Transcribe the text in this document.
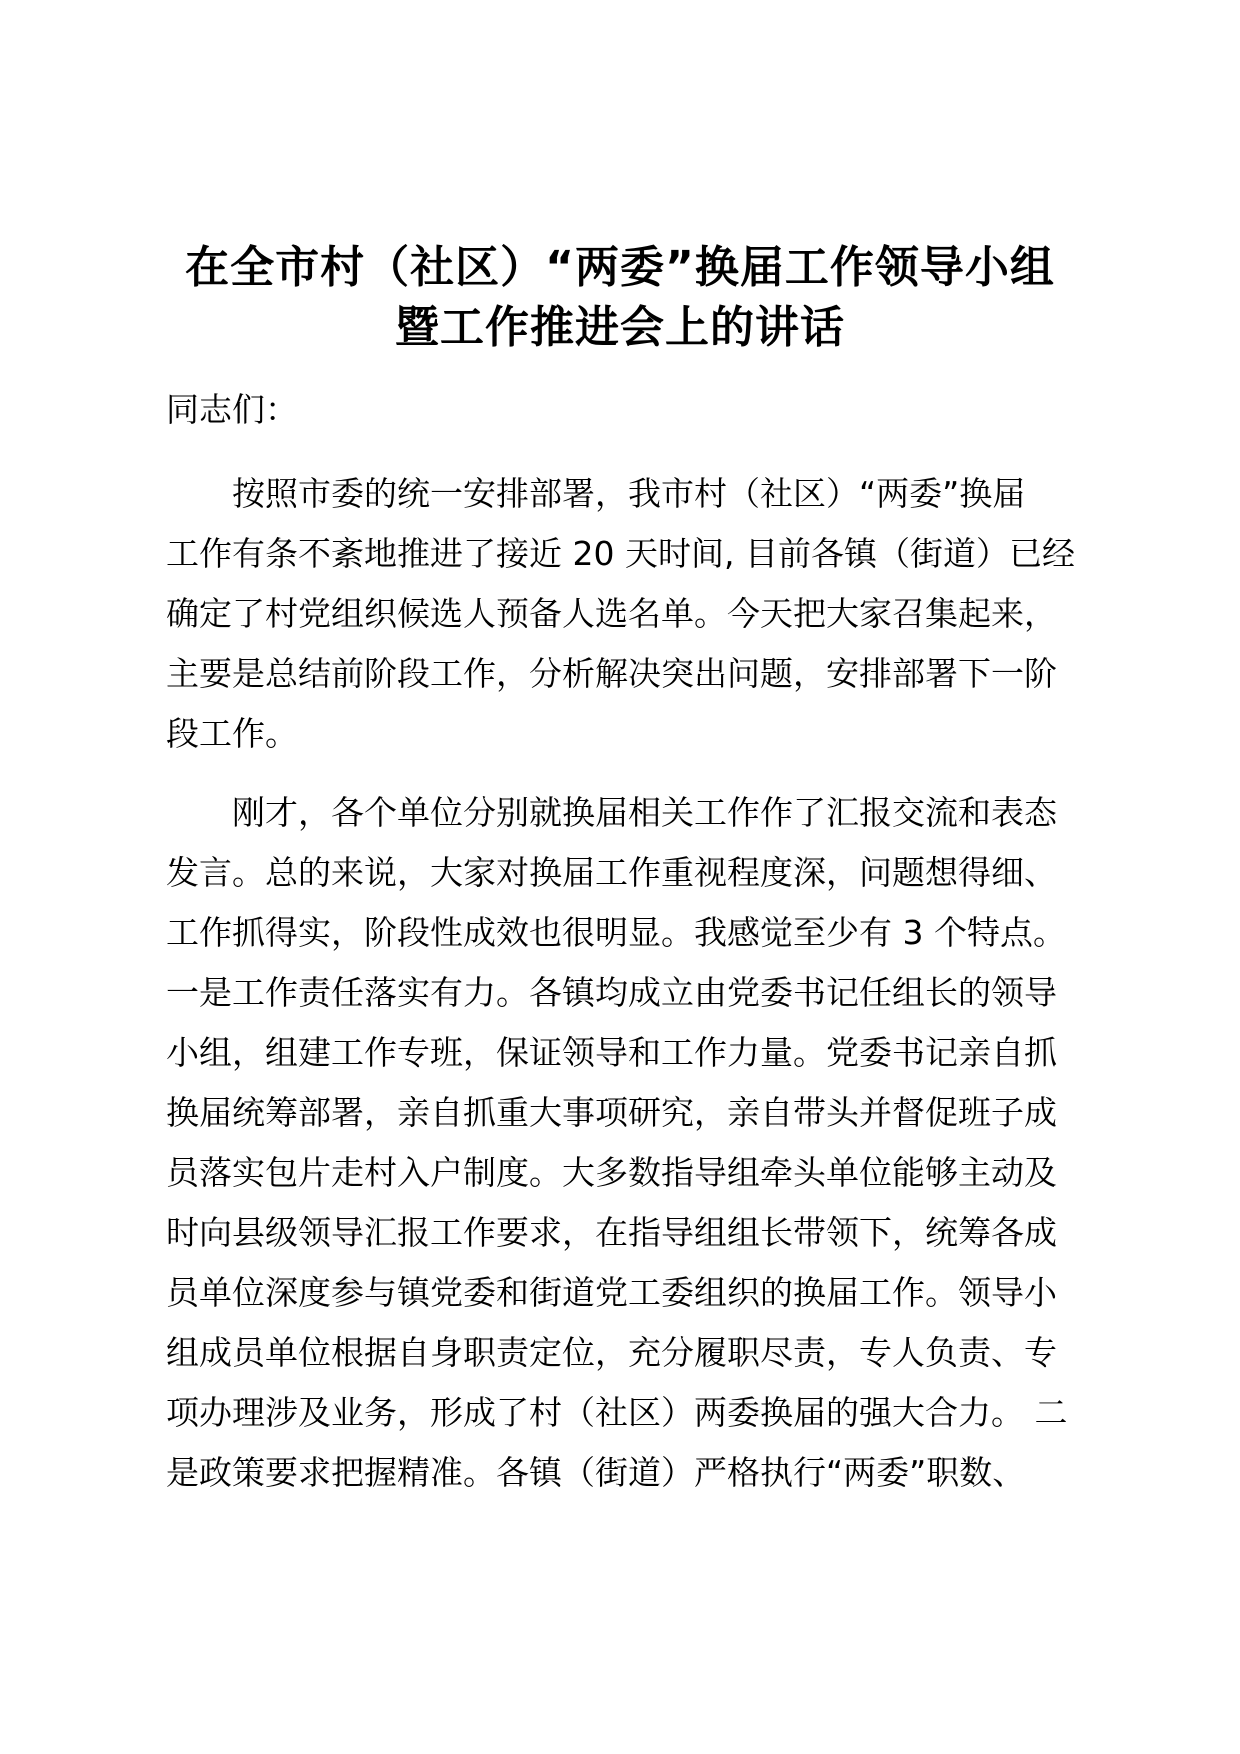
在全市村（社区）“两委”换届工作领导小组
暨工作推进会上的讲话

同志们：

　　按照市委的统一安排部署，我市村（社区）“两委”换届
工作有条不紊地推进了接近 20 天时间, 目前各镇（街道）已经
确定了村党组织候选人预备人选名单。今天把大家召集起来，
主要是总结前阶段工作，分析解决突出问题，安排部署下一阶
段工作。
　　刚才，各个单位分别就换届相关工作作了汇报交流和表态
发言。总的来说，大家对换届工作重视程度深，问题想得细、
工作抓得实，阶段性成效也很明显。我感觉至少有 3 个特点。
一是工作责任落实有力。各镇均成立由党委书记任组长的领导
小组，组建工作专班，保证领导和工作力量。党委书记亲自抓
换届统筹部署，亲自抓重大事项研究，亲自带头并督促班子成
员落实包片走村入户制度。大多数指导组牵头单位能够主动及
时向县级领导汇报工作要求，在指导组组长带领下，统筹各成
员单位深度参与镇党委和街道党工委组织的换届工作。领导小
组成员单位根据自身职责定位，充分履职尽责，专人负责、专
项办理涉及业务，形成了村（社区）两委换届的强大合力。 二
是政策要求把握精准。各镇（街道）严格执行“两委”职数、
